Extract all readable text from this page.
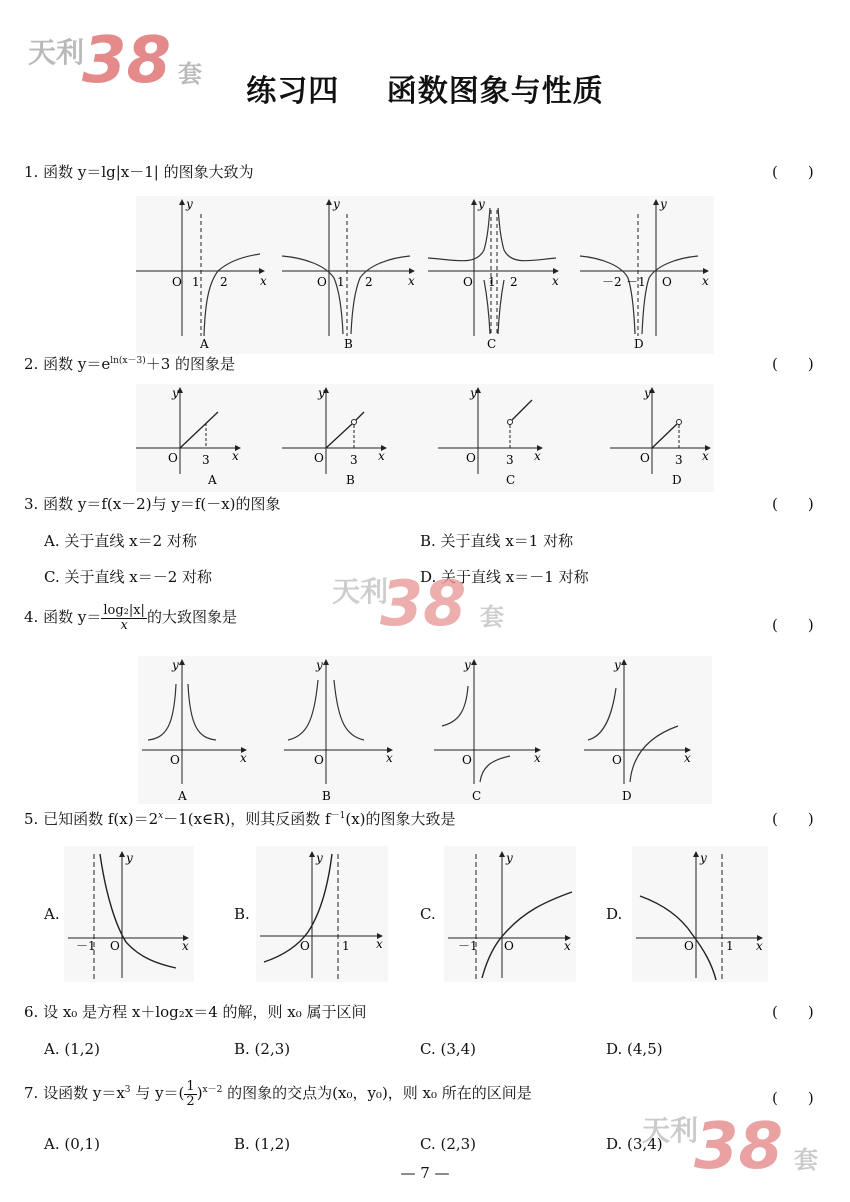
天利
38 套	练习四 函数图象与性质
1. 函数 y＝lg|x－1| 的图象大致为	(　　)
O 1 2	x
y
A
O 1 2	x
y
B
O 1 2	x
y
C
－2 －1 O	x
y
D
2. 函数 $y=e^{ln(x-3)}+3$ 的图象是	(　　)
O 3 x
y
A
O 3 x
y
B
O	3 x
y
C
O 3 x
y
D
3. 函数 y＝f(x－2)与 y＝f(－x)的图象	(　　)
A. 关于直线 x＝2 对称	B. 关于直线 x＝1 对称
C. 关于直线 x＝－2 对称	D. 关于直线 x＝－1 对称
天利
38 套
4. 函数 $y= \frac{\text{log₂|x|}}{x}$ 的大致图象是	(　　)
O	x
y
A
O	x
y
B
O	x
y
C
O	x
y
D
5. 已知函数 $f(x)=2^x-1(x\in R)$，则其反函数 $f^{-1}(x)$的图象大致是	(　　)
A.	B.	C.	D.
y
x
－1 O
y
x
O	1
y
x
－1 O
y
x
O	1
6. 设 x₀ 是方程 x＋log₂x＝4 的解，则 x₀ 属于区间	(　　)
A. (1,2)	B. (2,3)	C. (3,4)	D. (4,5)
7. 设函数 $y=x^3$ 与 $y=( \frac{1}{2} )^{x-2}$ 的图象的交点为(x₀，y₀)，则 x₀ 所在的区间是	(　　)
A. (0,1)	B. (1,2)	C. (2,3)	D. (3,4)
天利
38 套
— 7 —
